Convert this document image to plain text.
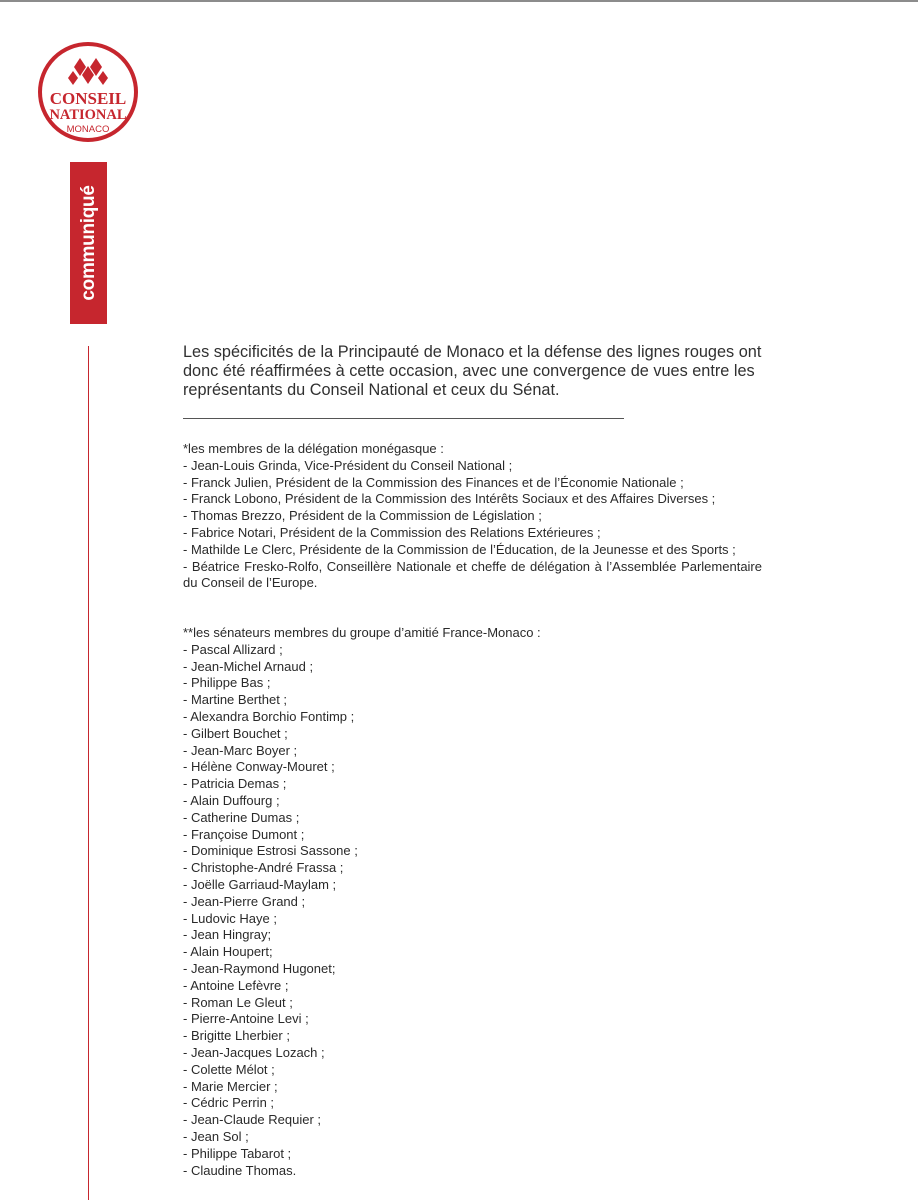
CONSEIL
NATIONAL
MONACO
communiqué

Les spécificités de la Principauté de Monaco et la défense des lignes rouges ont donc été réaffirmées à cette occasion, avec une convergence de vues entre les représentants du Conseil National et ceux du Sénat.

*les membres de la délégation monégasque :

- Jean-Louis Grinda, Vice-Président du Conseil National ;

- Franck Julien, Président de la Commission des Finances et de l’Économie Nationale ;

- Franck Lobono, Président de la Commission des Intérêts Sociaux et des Affaires Diverses ;

- Thomas Brezzo, Président de la Commission de Législation ;

- Fabrice Notari, Président de la Commission des Relations Extérieures ;

- Mathilde Le Clerc, Présidente de la Commission de l’Éducation, de la Jeunesse et des Sports ;

- Béatrice Fresko-Rolfo, Conseillère Nationale et cheffe de délégation à l’Assemblée Parlementaire du Conseil de l’Europe.

**les sénateurs membres du groupe d’amitié France-Monaco :

- Pascal Allizard ;
- Jean-Michel Arnaud ;
- Philippe Bas ;
- Martine Berthet ;
- Alexandra Borchio Fontimp ;
- Gilbert Bouchet ;
- Jean-Marc Boyer ;
- Hélène Conway-Mouret ;
- Patricia Demas ;
- Alain Duffourg ;
- Catherine Dumas ;
- Françoise Dumont ;
- Dominique Estrosi Sassone ;
- Christophe-André Frassa ;
- Joëlle Garriaud-Maylam ;
- Jean-Pierre Grand ;
- Ludovic Haye ;
- Jean Hingray;
- Alain Houpert;
- Jean-Raymond Hugonet;
- Antoine Lefèvre ;
- Roman Le Gleut ;
- Pierre-Antoine Levi ;
- Brigitte Lherbier ;
- Jean-Jacques Lozach ;
- Colette Mélot ;
- Marie Mercier ;
- Cédric Perrin ;
- Jean-Claude Requier ;
- Jean Sol ;
- Philippe Tabarot ;
- Claudine Thomas.
